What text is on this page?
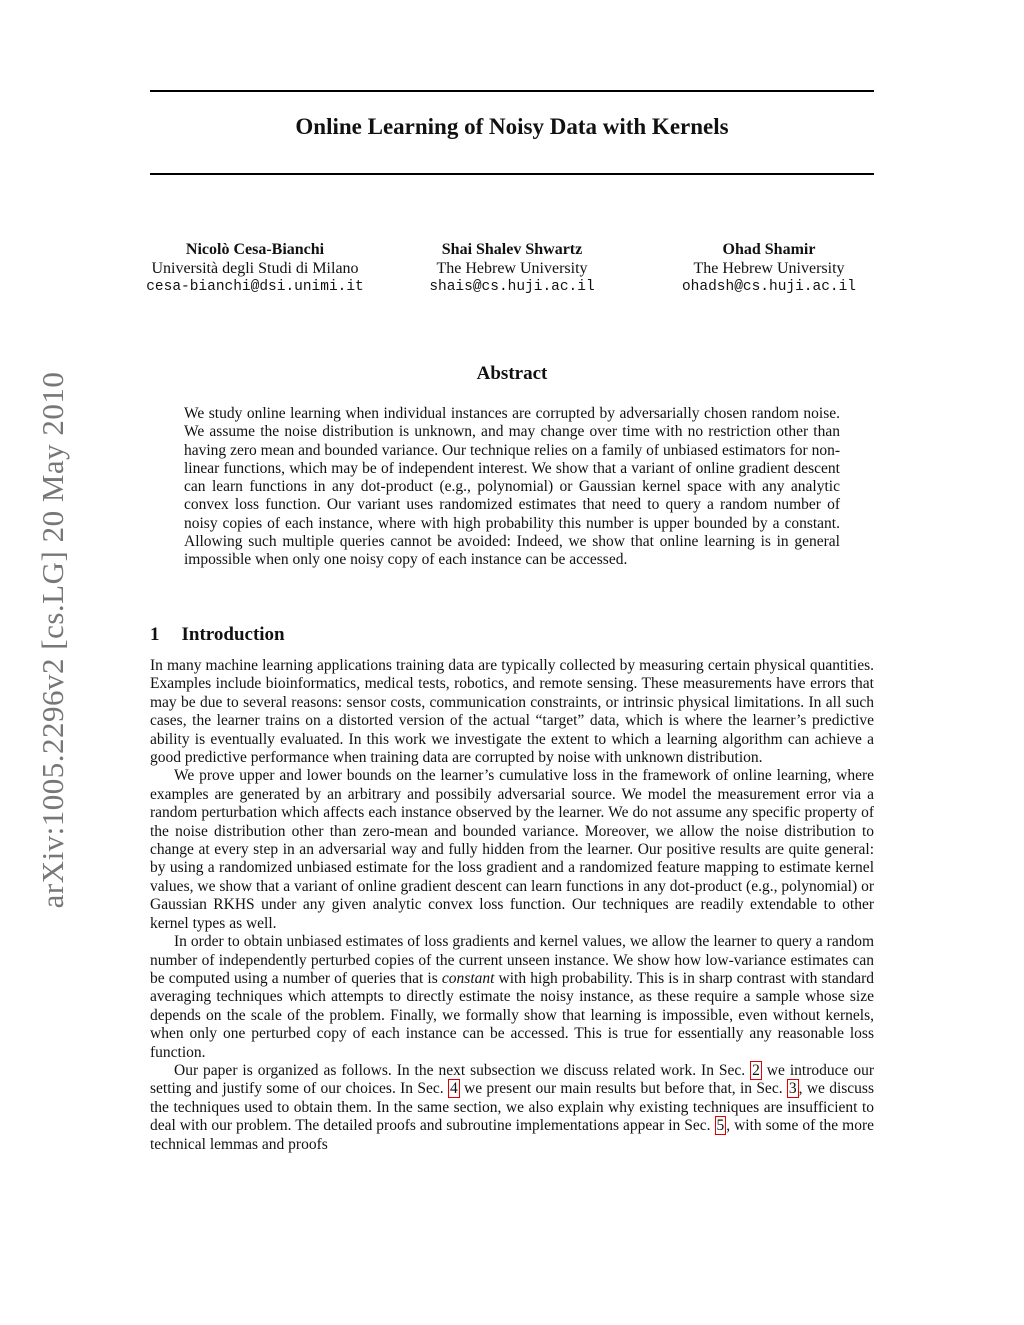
arXiv:1005.2296v2 [cs.LG] 20 May 2010
Online Learning of Noisy Data with Kernels
Nicolò Cesa-Bianchi
Università degli Studi di Milano
cesa-bianchi@dsi.unimi.it
Shai Shalev Shwartz
The Hebrew University
shais@cs.huji.ac.il
Ohad Shamir
The Hebrew University
ohadsh@cs.huji.ac.il
Abstract
We study online learning when individual instances are corrupted by adversarially chosen random noise. We assume the noise distribution is unknown, and may change over time with no restriction other than having zero mean and bounded variance. Our technique relies on a family of unbiased estimators for non-linear functions, which may be of independent interest. We show that a variant of online gradient descent can learn functions in any dot-product (e.g., polynomial) or Gaussian kernel space with any analytic convex loss function. Our variant uses randomized estimates that need to query a random number of noisy copies of each instance, where with high probability this number is upper bounded by a constant. Allowing such multiple queries cannot be avoided: Indeed, we show that online learning is in general impossible when only one noisy copy of each instance can be accessed.
1 Introduction

In many machine learning applications training data are typically collected by measuring certain physical quantities. Examples include bioinformatics, medical tests, robotics, and remote sensing. These measurements have errors that may be due to several reasons: sensor costs, communication constraints, or intrinsic physical limitations. In all such cases, the learner trains on a distorted version of the actual “target” data, which is where the learner’s predictive ability is eventually evaluated. In this work we investigate the extent to which a learning algorithm can achieve a good predictive performance when training data are corrupted by noise with unknown distribution.

We prove upper and lower bounds on the learner’s cumulative loss in the framework of online learning, where examples are generated by an arbitrary and possibily adversarial source. We model the measurement error via a random perturbation which affects each instance observed by the learner. We do not assume any specific property of the noise distribution other than zero-mean and bounded variance. Moreover, we allow the noise distribution to change at every step in an adversarial way and fully hidden from the learner. Our positive results are quite general: by using a randomized unbiased estimate for the loss gradient and a randomized feature mapping to estimate kernel values, we show that a variant of online gradient descent can learn functions in any dot-product (e.g., polynomial) or Gaussian RKHS under any given analytic convex loss function. Our techniques are readily extendable to other kernel types as well.

In order to obtain unbiased estimates of loss gradients and kernel values, we allow the learner to query a random number of independently perturbed copies of the current unseen instance. We show how low-variance estimates can be computed using a number of queries that is constant with high probability. This is in sharp contrast with standard averaging techniques which attempts to directly estimate the noisy instance, as these require a sample whose size depends on the scale of the problem. Finally, we formally show that learning is impossible, even without kernels, when only one perturbed copy of each instance can be accessed. This is true for essentially any reasonable loss function.

Our paper is organized as follows. In the next subsection we discuss related work. In Sec. 2 we introduce our setting and justify some of our choices. In Sec. 4 we present our main results but before that, in Sec. 3 , we discuss the techniques used to obtain them. In the same section, we also explain why existing techniques are insufficient to deal with our problem. The detailed proofs and subroutine implementations appear in Sec. 5 , with some of the more technical lemmas and proofs
